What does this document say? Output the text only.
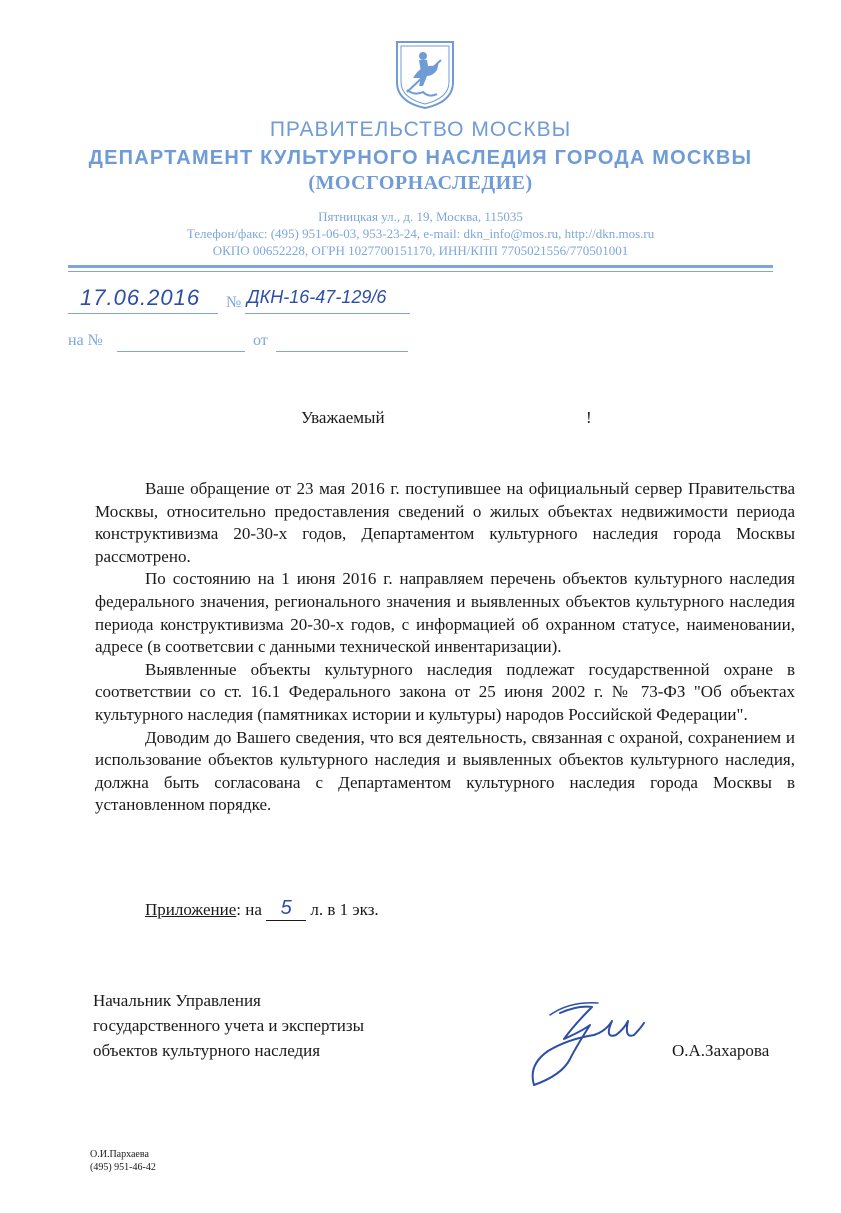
ПРАВИТЕЛЬСТВО МОСКВЫ
ДЕПАРТАМЕНТ КУЛЬТУРНОГО НАСЛЕДИЯ ГОРОДА МОСКВЫ
(МОСГОРНАСЛЕДИЕ)
Пятницкая ул., д. 19, Москва, 115035
Телефон/факс: (495) 951-06-03, 953-23-24, e-mail: dkn_info@mos.ru, http://dkn.mos.ru
ОКПО 00652228, ОГРН 1027700151170, ИНН/КПП 7705021556/770501001
17.06.2016 № ДКН-16-47-129/6
на №	от
Уважаемый	!

Ваше обращение от 23 мая 2016 г. поступившее на официальный сервер Правительства Москвы, относительно предоставления сведений о жилых объектах недвижимости периода конструктивизма 20-30-х годов, Департаментом культурного наследия города Москвы рассмотрено.

По состоянию на 1 июня 2016 г. направляем перечень объектов культурного наследия федерального значения, регионального значения и выявленных объектов культурного наследия периода конструктивизма 20-30-х годов, с информацией об охранном статусе, наименовании, адресе (в соответсвии с данными технической инвентаризации).

Выявленные объекты культурного наследия подлежат государственной охране в соответствии со ст. 16.1 Федерального закона от 25 июня 2002 г. № 73-ФЗ "Об объектах культурного наследия (памятниках истории и культуры) народов Российской Федерации".

Доводим до Вашего сведения, что вся деятельность, связанная с охраной, сохранением и использование объектов культурного наследия и выявленных объектов культурного наследия, должна быть согласована с Департаментом культурного наследия города Москвы в установленном порядке.

Приложение: на 5 л. в 1 экз.
Начальник Управления
государственного учета и экспертизы
объектов культурного наследия	О.А.Захарова
О.И.Пархаева
(495) 951-46-42
